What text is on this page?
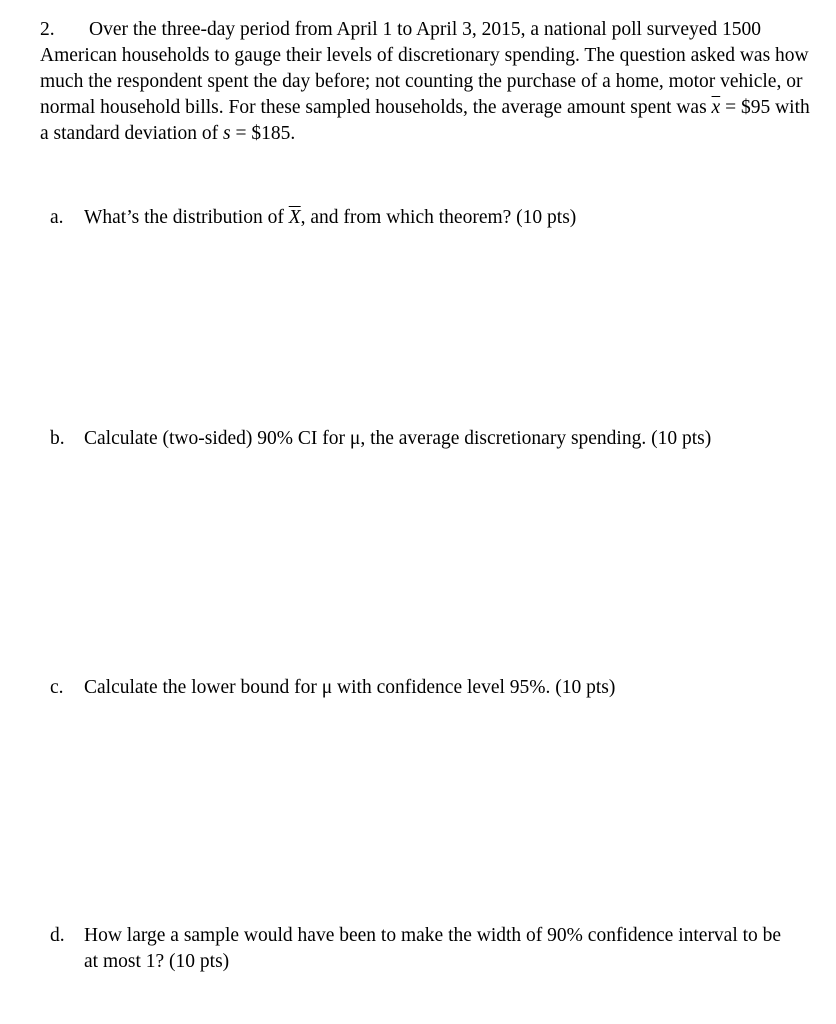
2. Over the three-day period from April 1 to April 3, 2015, a national poll surveyed 1500 American households to gauge their levels of discretionary spending. The question asked was how much the respondent spent the day before; not counting the purchase of a home, motor vehicle, or normal household bills. For these sampled households, the average amount spent was $\overline{x}$ = $95 with a standard deviation of s = $185.
a.	What’s the distribution of $\overline{X}$, and from which theorem? (10 pts)
b. Calculate (two-sided) 90% CI for μ, the average discretionary spending. (10 pts)
c.	Calculate the lower bound for μ with confidence level 95%. (10 pts)
d. How large a sample would have been to make the width of 90% confidence interval to be at most 1? (10 pts)
